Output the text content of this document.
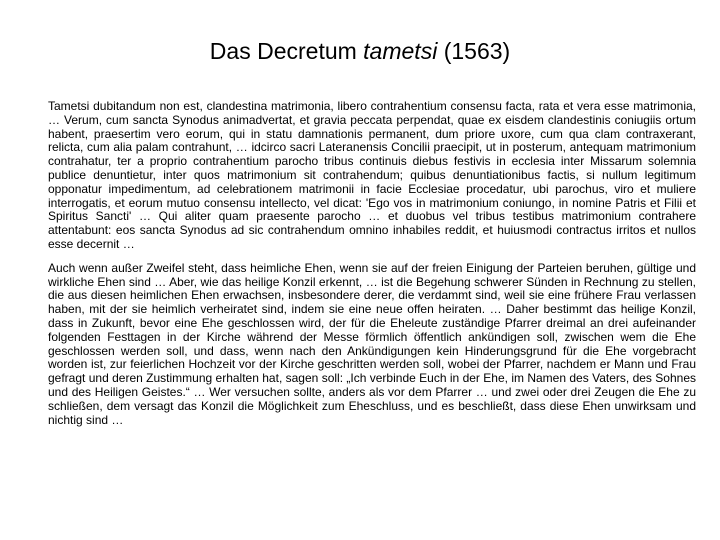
Das Decretum tametsi (1563)

Tametsi dubitandum non est, clandestina matrimonia, libero contrahentium consensu facta, rata et vera esse matrimonia, … Verum, cum sancta Synodus animadvertat, et gravia peccata perpendat, quae ex eisdem clandestinis coniugiis ortum habent, praesertim vero eorum, qui in statu damnationis permanent, dum priore uxore, cum qua clam contraxerant, relicta, cum alia palam contrahunt, … idcirco sacri Lateranensis Concilii praecipit, ut in posterum, antequam matrimonium contrahatur, ter a proprio contrahentium parocho tribus continuis diebus festivis in ecclesia inter Missarum solemnia publice denuntietur, inter quos matrimonium sit contrahendum; quibus denuntiationibus factis, si nullum legitimum opponatur impedimentum, ad celebrationem matrimonii in facie Ecclesiae procedatur, ubi parochus, viro et muliere interrogatis, et eorum mutuo consensu intellecto, vel dicat: 'Ego vos in matrimonium coniungo, in nomine Patris et Filii et Spiritus Sancti' … Qui aliter quam praesente parocho … et duobus vel tribus testibus matrimonium contrahere attentabunt: eos sancta Synodus ad sic contrahendum omnino inhabiles reddit, et huiusmodi contractus irritos et nullos esse decernit …

Auch wenn außer Zweifel steht, dass heimliche Ehen, wenn sie auf der freien Einigung der Parteien beruhen, gültige und wirkliche Ehen sind … Aber, wie das heilige Konzil erkennt, … ist die Begehung schwerer Sünden in Rechnung zu stellen, die aus diesen heimlichen Ehen erwachsen, insbesondere derer, die verdammt sind, weil sie eine frühere Frau verlassen haben, mit der sie heimlich verheiratet sind, indem sie eine neue offen heiraten. … Daher bestimmt das heilige Konzil, dass in Zukunft, bevor eine Ehe geschlossen wird, der für die Eheleute zuständige Pfarrer dreimal an drei aufeinander folgenden Festtagen in der Kirche während der Messe förmlich öffentlich ankündigen soll, zwischen wem die Ehe geschlossen werden soll, und dass, wenn nach den Ankündigungen kein Hinderungsgrund für die Ehe vorgebracht worden ist, zur feierlichen Hochzeit vor der Kirche geschritten werden soll, wobei der Pfarrer, nachdem er Mann und Frau gefragt und deren Zustimmung erhalten hat, sagen soll: „Ich verbinde Euch in der Ehe, im Namen des Vaters, des Sohnes und des Heiligen Geistes.“ … Wer versuchen sollte, anders als vor dem Pfarrer … und zwei oder drei Zeugen die Ehe zu schließen, dem versagt das Konzil die Möglichkeit zum Eheschluss, und es beschließt, dass diese Ehen unwirksam und nichtig sind …
